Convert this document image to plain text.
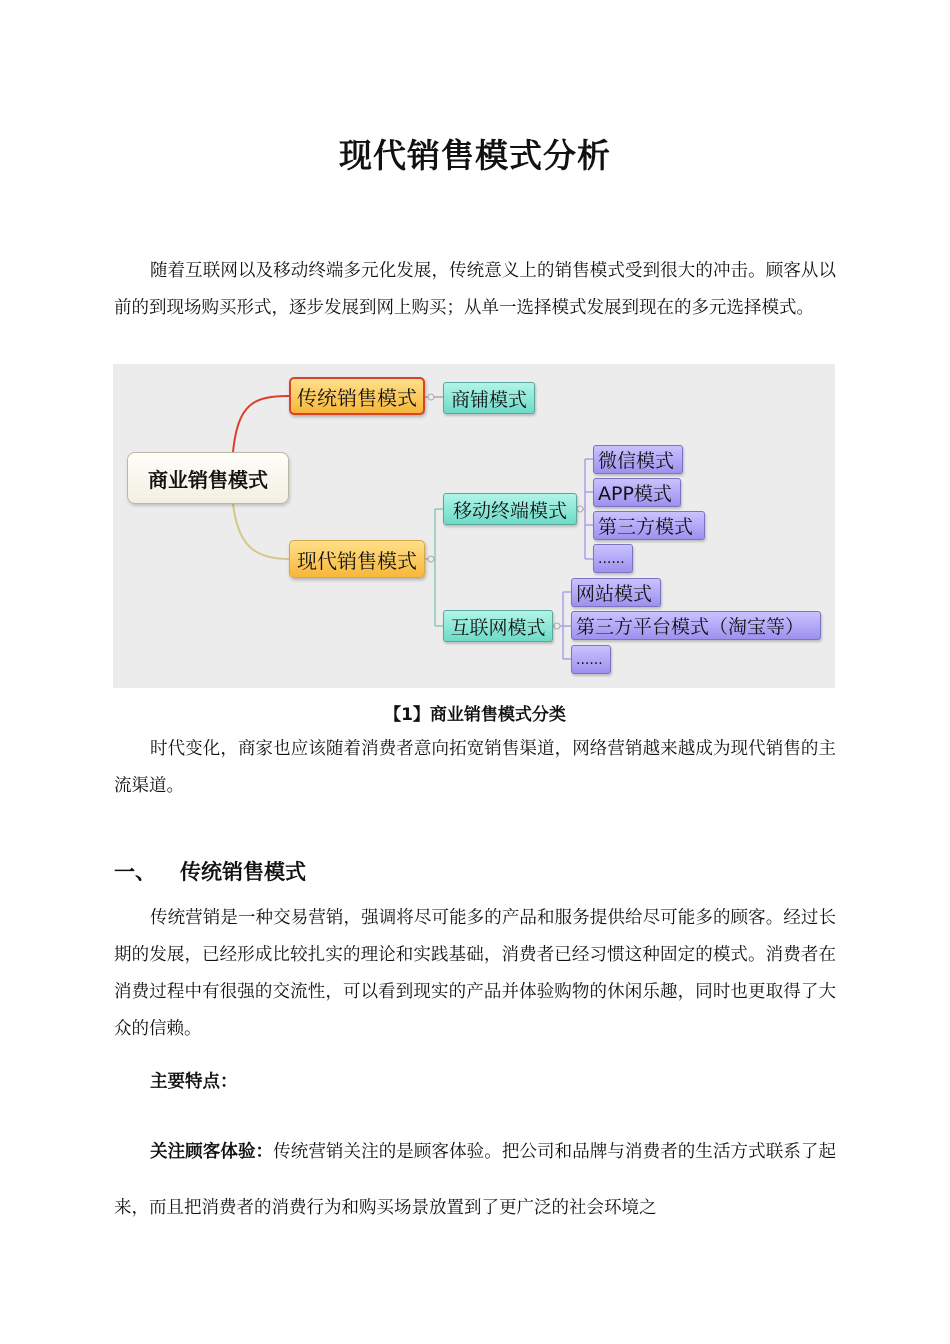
现代销售模式分析

随着互联网以及移动终端多元化发展，传统意义上的销售模式受到很大的冲击。顾客从以前的到现场购买形式，逐步发展到网上购买；从单一选择模式发展到现在的多元选择模式。

商业销售模式
传统销售模式	商铺模式
现代销售模式
移动终端模式
互联网模式
微信模式
APP模式
第三方模式
......
网站模式
第三方平台模式（淘宝等）
......
【1】商业销售模式分类

时代变化，商家也应该随着消费者意向拓宽销售渠道，网络营销越来越成为现代销售的主流渠道。

一、 传统销售模式

传统营销是一种交易营销，强调将尽可能多的产品和服务提供给尽可能多的顾客。经过长期的发展，已经形成比较扎实的理论和实践基础，消费者已经习惯这种固定的模式。消费者在消费过程中有很强的交流性，可以看到现实的产品并体验购物的休闲乐趣，同时也更取得了大众的信赖。

主要特点：

关注顾客体验：传统营销关注的是顾客体验。把公司和品牌与消费者的生活方式联系了起来，而且把消费者的消费行为和购买场景放置到了更广泛的社会环境之
